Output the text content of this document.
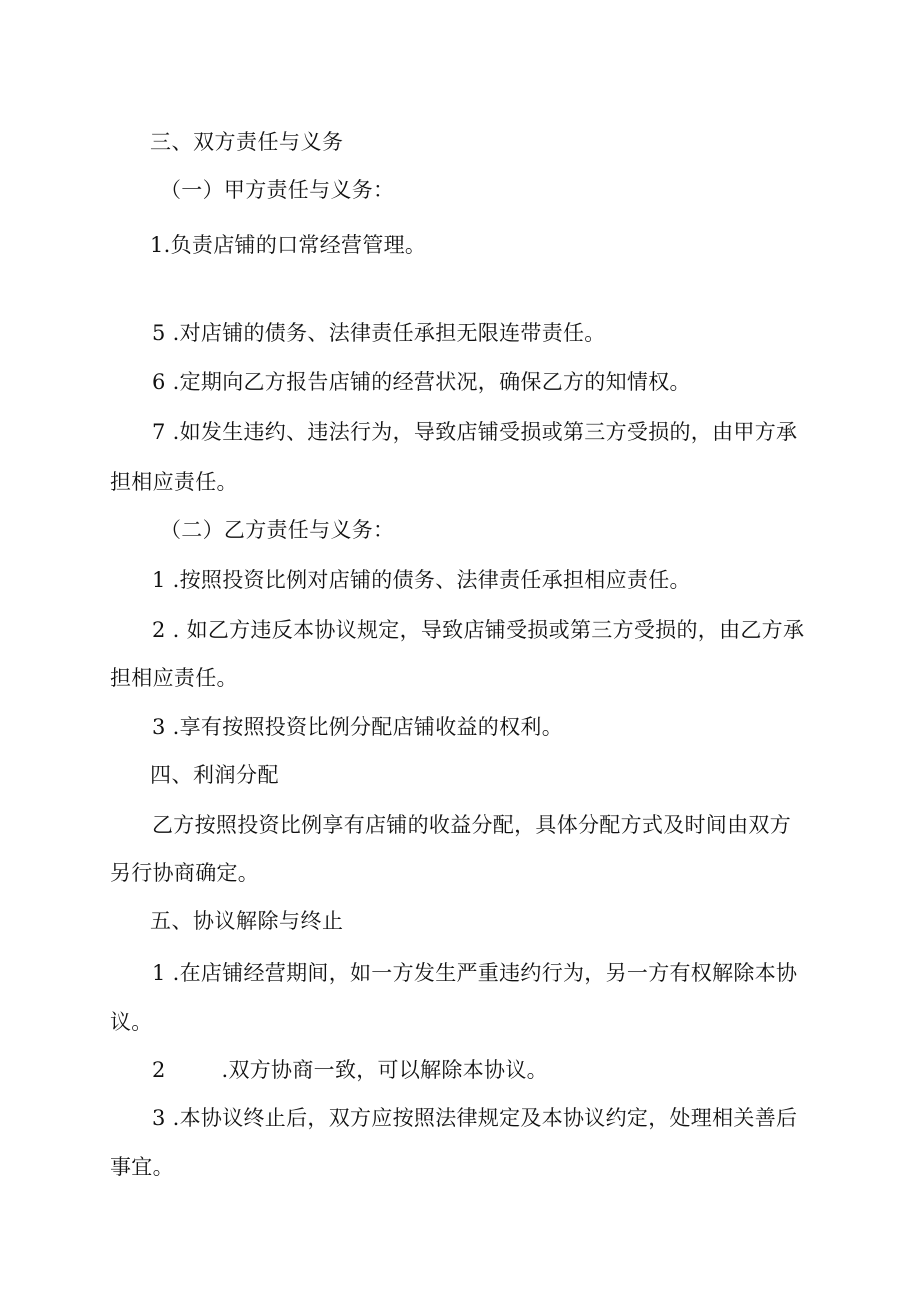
三、双方责任与义务
（一）甲方责任与义务：
1.负责店铺的口常经营管理。
5 .对店铺的债务、法律责任承担无限连带责任。
6 .定期向乙方报告店铺的经营状况，确保乙方的知情权。
7 .如发生违约、违法行为，导致店铺受损或第三方受损的，由甲方承
担相应责任。
（二）乙方责任与义务：
1 .按照投资比例对店铺的债务、法律责任承担相应责任。
2 . 如乙方违反本协议规定，导致店铺受损或第三方受损的，由乙方承
担相应责任。
3 .享有按照投资比例分配店铺收益的权利。
四、利润分配
乙方按照投资比例享有店铺的收益分配，具体分配方式及时间由双方
另行协商确定。
五、协议解除与终止
1 .在店铺经营期间，如一方发生严重违约行为，另一方有权解除本协
议。
2        .双方协商一致，可以解除本协议。
3 .本协议终止后，双方应按照法律规定及本协议约定，处理相关善后
事宜。
